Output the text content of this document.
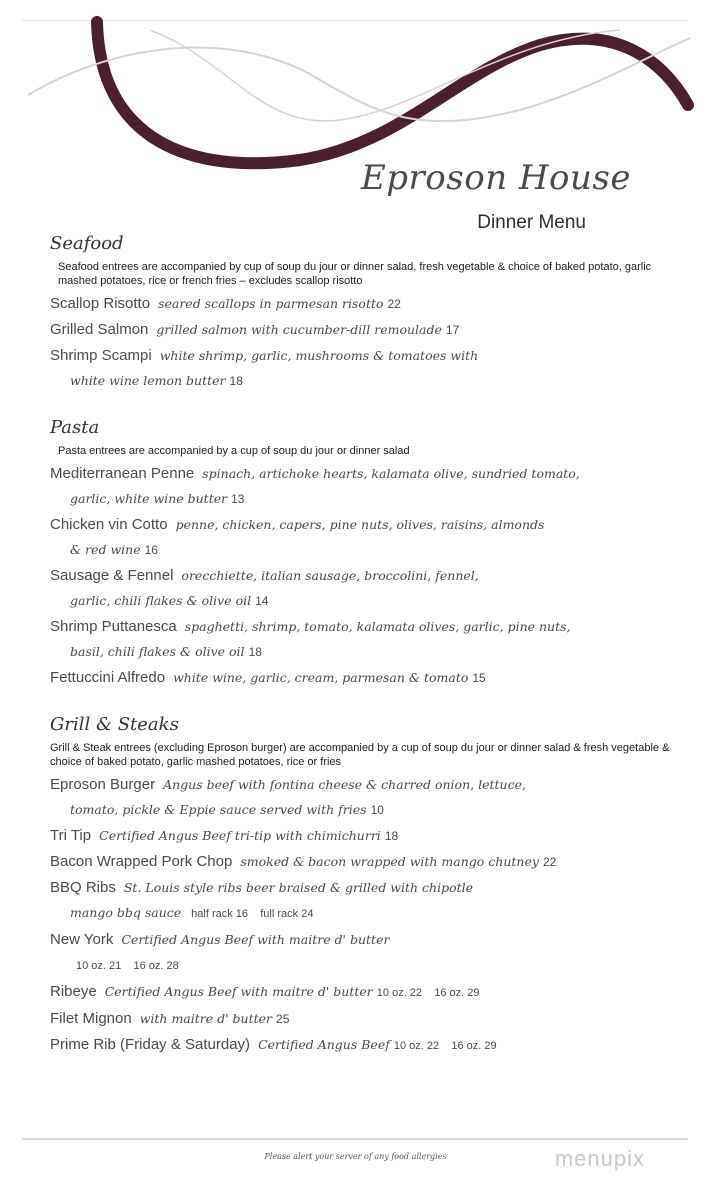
Eproson House
Dinner Menu
Seafood
Seafood entrees are accompanied by cup of soup du jour or dinner salad, fresh vegetable & choice of baked potato, garlic mashed potatoes, rice or french fries – excludes scallop risotto
Scallop Risotto seared scallops in parmesan risotto 22
Grilled Salmon grilled salmon with cucumber-dill remoulade 17
Shrimp Scampi white shrimp, garlic, mushrooms & tomatoes with
white wine lemon butter 18
Pasta
Pasta entrees are accompanied by a cup of soup du jour or dinner salad
Mediterranean Penne spinach, artichoke hearts, kalamata olive, sundried tomato,
garlic, white wine butter 13
Chicken vin Cotto penne, chicken, capers, pine nuts, olives, raisins, almonds
& red wine 16
Sausage & Fennel orecchiette, italian sausage, broccolini, fennel,
garlic, chili flakes & olive oil 14
Shrimp Puttanesca spaghetti, shrimp, tomato, kalamata olives, garlic, pine nuts,
basil, chili flakes & olive oil 18
Fettuccini Alfredo white wine, garlic, cream, parmesan & tomato 15
Grill & Steaks
Grill & Steak entrees (excluding Eproson burger) are accompanied by a cup of soup du jour or dinner salad & fresh vegetable & choice of baked potato, garlic mashed potatoes, rice or fries
Eproson Burger Angus beef with fontina cheese & charred onion, lettuce,
tomato, pickle & Eppie sauce served with fries 10
Tri Tip Certified Angus Beef tri-tip with chimichurri 18
Bacon Wrapped Pork Chop smoked & bacon wrapped with mango chutney 22
BBQ Ribs St. Louis style ribs beer braised & grilled with chipotle
mango bbq sauce half rack 16    full rack 24
New York Certified Angus Beef with maitre d' butter
10 oz. 21    16 oz. 28
Ribeye Certified Angus Beef with maitre d' butter 10 oz. 22    16 oz. 29
Filet Mignon with maitre d' butter 25
Prime Rib (Friday & Saturday) Certified Angus Beef 10 oz. 22    16 oz. 29
Please alert your server of any food allergies	menupix
